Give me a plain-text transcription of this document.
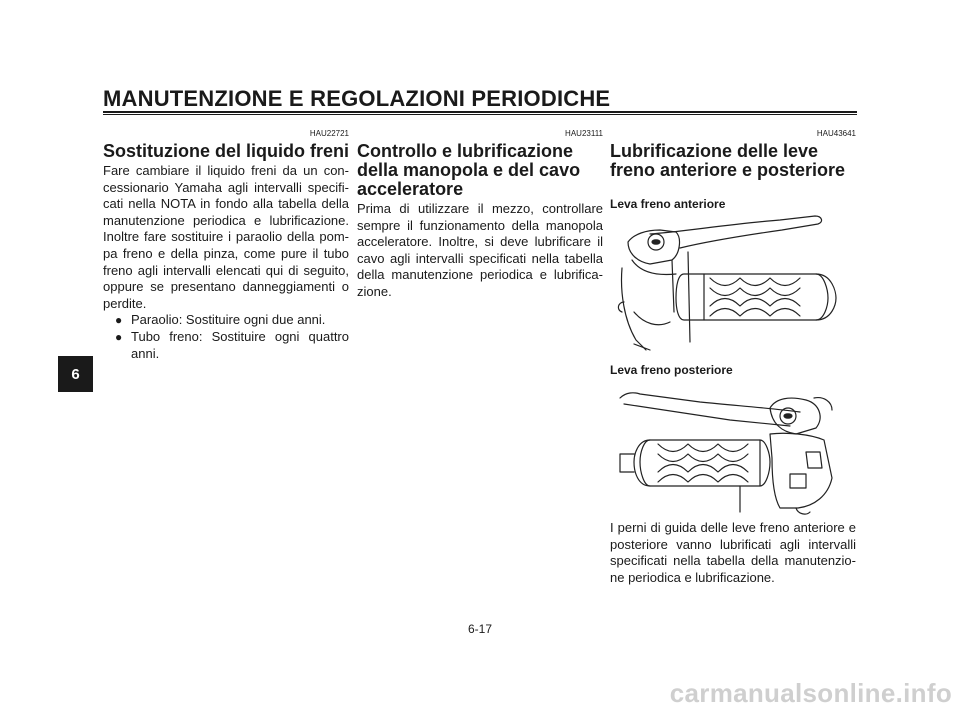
MANUTENZIONE E REGOLAZIONI PERIODICHE
6
HAU22721
Sostituzione del liquido freni

Fare cambiare il liquido freni da un con-cessionario Yamaha agli intervalli specifi-cati nella NOTA in fondo alla tabella della manutenzione periodica e lubrificazione. Inoltre fare sostituire i paraolio della pom-pa freno e della pinza, come pure il tubo freno agli intervalli elencati qui di seguito, oppure se presentano danneggiamenti o perdite.

● Paraolio: Sostituire ogni due anni.
● Tubo freno: Sostituire ogni quattro anni.
HAU23111
Controllo e lubrificazione della manopola e del cavo acceleratore

Prima di utilizzare il mezzo, controllare sempre il funzionamento della manopola acceleratore. Inoltre, si deve lubrificare il cavo agli intervalli specificati nella tabella della manutenzione periodica e lubrifica-zione.

HAU43641
Lubrificazione delle leve freno anteriore e posteriore
Leva freno anteriore
Leva freno posteriore

I perni di guida delle leve freno anteriore e posteriore vanno lubrificati agli intervalli specificati nella tabella della manutenzio-ne periodica e lubrificazione.

6-17
carmanualsonline.info
